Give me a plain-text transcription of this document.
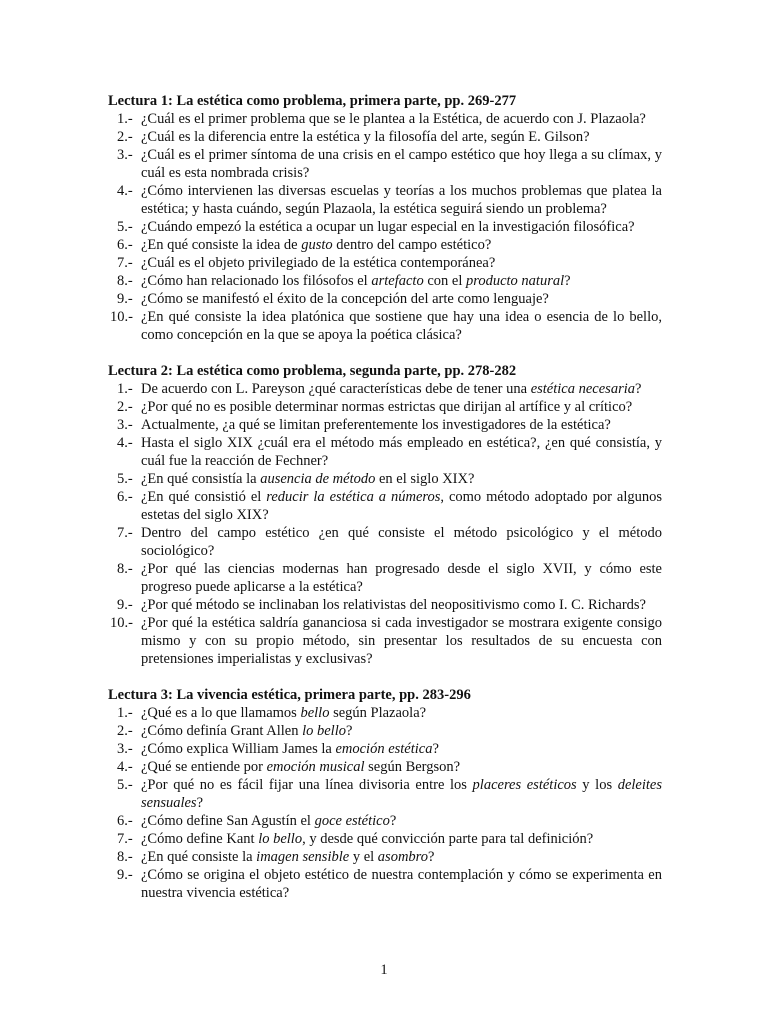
Lectura 1: La estética como problema, primera parte, pp. 269-277

1.- ¿Cuál es el primer problema que se le plantea a la Estética, de acuerdo con J. Plazaola?
2.- ¿Cuál es la diferencia entre la estética y la filosofía del arte, según E. Gilson?
3.- ¿Cuál es el primer síntoma de una crisis en el campo estético que hoy llega a su clímax, y cuál es esta nombrada crisis?
4.- ¿Cómo intervienen las diversas escuelas y teorías a los muchos problemas que platea la estética; y hasta cuándo, según Plazaola, la estética seguirá siendo un problema?
5.- ¿Cuándo empezó la estética a ocupar un lugar especial en la investigación filosófica?
6.- ¿En qué consiste la idea de gusto dentro del campo estético?
7.- ¿Cuál es el objeto privilegiado de la estética contemporánea?
8.- ¿Cómo han relacionado los filósofos el artefacto con el producto natural?
9.- ¿Cómo se manifestó el éxito de la concepción del arte como lenguaje?
10.- ¿En qué consiste la idea platónica que sostiene que hay una idea o esencia de lo bello, como concepción en la que se apoya la poética clásica?

Lectura 2: La estética como problema, segunda parte, pp. 278-282

1.- De acuerdo con L. Pareyson ¿qué características debe de tener una estética necesaria?
2.- ¿Por qué no es posible determinar normas estrictas que dirijan al artífice y al crítico?
3.- Actualmente, ¿a qué se limitan preferentemente los investigadores de la estética?
4.- Hasta el siglo XIX ¿cuál era el método más empleado en estética?, ¿en qué consistía, y cuál fue la reacción de Fechner?
5.- ¿En qué consistía la ausencia de método en el siglo XIX?
6.- ¿En qué consistió el reducir la estética a números, como método adoptado por algunos estetas del siglo XIX?
7.- Dentro del campo estético ¿en qué consiste el método psicológico y el método sociológico?
8.- ¿Por qué las ciencias modernas han progresado desde el siglo XVII, y cómo este progreso puede aplicarse a la estética?
9.- ¿Por qué método se inclinaban los relativistas del neopositivismo como I. C. Richards?
10.- ¿Por qué la estética saldría gananciosa si cada investigador se mostrara exigente consigo mismo y con su propio método, sin presentar los resultados de su encuesta con pretensiones imperialistas y exclusivas?

Lectura 3: La vivencia estética, primera parte, pp. 283-296

1.- ¿Qué es a lo que llamamos bello según Plazaola?
2.- ¿Cómo definía Grant Allen lo bello?
3.- ¿Cómo explica William James la emoción estética?
4.- ¿Qué se entiende por emoción musical según Bergson?
5.- ¿Por qué no es fácil fijar una línea divisoria entre los placeres estéticos y los deleites sensuales?
6.- ¿Cómo define San Agustín el goce estético?
7.- ¿Cómo define Kant lo bello, y desde qué convicción parte para tal definición?
8.- ¿En qué consiste la imagen sensible y el asombro?
9.- ¿Cómo se origina el objeto estético de nuestra contemplación y cómo se experimenta en nuestra vivencia estética?
1
